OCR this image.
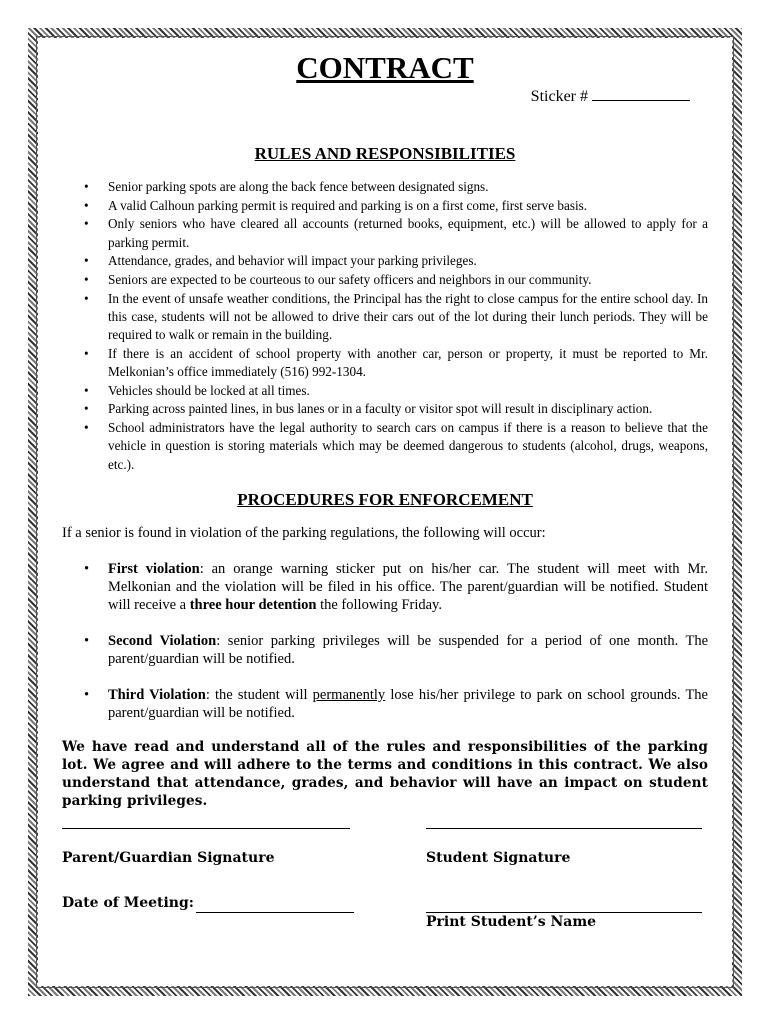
CONTRACT
Sticker #
RULES AND RESPONSIBILITIES
• Senior parking spots are along the back fence between designated signs.
• A valid Calhoun parking permit is required and parking is on a first come, first serve basis.
• Only seniors who have cleared all accounts (returned books, equipment, etc.) will be allowed to apply for a parking permit.
• Attendance, grades, and behavior will impact your parking privileges.
• Seniors are expected to be courteous to our safety officers and neighbors in our community.
• In the event of unsafe weather conditions, the Principal has the right to close campus for the entire school day. In this case, students will not be allowed to drive their cars out of the lot during their lunch periods. They will be required to walk or remain in the building.
• If there is an accident of school property with another car, person or property, it must be reported to Mr. Melkonian’s office immediately (516) 992-1304.
• Vehicles should be locked at all times.
• Parking across painted lines, in bus lanes or in a faculty or visitor spot will result in disciplinary action.
• School administrators have the legal authority to search cars on campus if there is a reason to believe that the vehicle in question is storing materials which may be deemed dangerous to students (alcohol, drugs, weapons, etc.).
PROCEDURES FOR ENFORCEMENT

If a senior is found in violation of the parking regulations, the following will occur:

• First violation: an orange warning sticker put on his/her car. The student will meet with Mr. Melkonian and the violation will be filed in his office. The parent/guardian will be notified. Student will receive a three hour detention the following Friday.
• Second Violation: senior parking privileges will be suspended for a period of one month. The parent/guardian will be notified.
• Third Violation: the student will permanently lose his/her privilege to park on school grounds. The parent/guardian will be notified.

We have read and understand all of the rules and responsibilities of the parking lot. We agree and will adhere to the terms and conditions in this contract. We also understand that attendance, grades, and behavior will have an impact on student parking privileges.

Parent/Guardian Signature	Student Signature
Date of Meeting:
Print Student’s Name
